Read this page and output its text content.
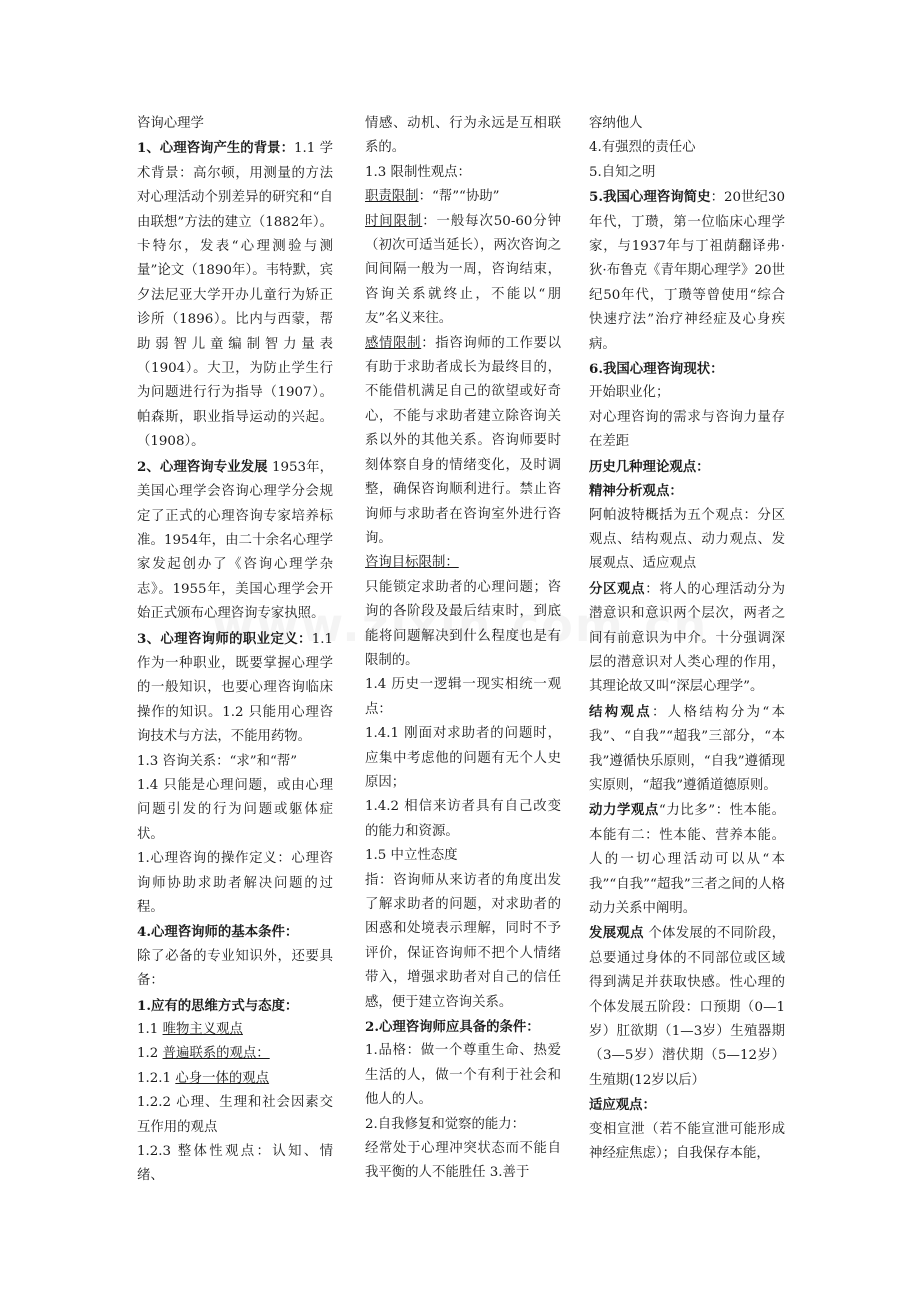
咨询心理学

1、心理咨询产生的背景：1.1 学术背景：高尔顿，用测量的方法对心理活动个别差异的研究和“自由联想”方法的建立（1882年）。卡特尔，发表“心理测验与测量”论文（1890年）。韦特默，宾夕法尼亚大学开办儿童行为矫正诊所（1896）。比内与西蒙，帮助弱智儿童编制智力量表（1904）。大卫，为防止学生行为问题进行行为指导（1907）。帕森斯，职业指导运动的兴起。（1908）。

2、心理咨询专业发展 1953年，美国心理学会咨询心理学分会规定了正式的心理咨询专家培养标准。1954年，由二十余名心理学家发起创办了《咨询心理学杂志》。1955年，美国心理学会开始正式颁布心理咨询专家执照。

3、心理咨询师的职业定义：1.1作为一种职业，既要掌握心理学的一般知识，也要心理咨询临床操作的知识。1.2 只能用心理咨询技术与方法，不能用药物。

1.3 咨询关系：“求”和“帮”

1.4 只能是心理问题，或由心理问题引发的行为问题或躯体症状。

1.心理咨询的操作定义：心理咨询师协助求助者解决问题的过程。

4.心理咨询师的基本条件：

除了必备的专业知识外，还要具备：

1.应有的思维方式与态度：

1.1 唯物主义观点

1.2 普遍联系的观点：

1.2.1 心身一体的观点

1.2.2 心理、生理和社会因素交互作用的观点

1.2.3 整体性观点：认知、情绪、

情感、动机、行为永远是互相联系的。

1.3 限制性观点：

职责限制：“帮”“协助”

时间限制：一般每次50-60分钟（初次可适当延长），两次咨询之间间隔一般为一周，咨询结束，咨询关系就终止，不能以“朋友”名义来往。

感情限制：指咨询师的工作要以有助于求助者成长为最终目的，不能借机满足自己的欲望或好奇心，不能与求助者建立除咨询关系以外的其他关系。咨询师要时刻体察自身的情绪变化，及时调整，确保咨询顺利进行。禁止咨询师与求助者在咨询室外进行咨询。

咨询目标限制：

只能锁定求助者的心理问题；咨询的各阶段及最后结束时，到底能将问题解决到什么程度也是有限制的。

1.4 历史一逻辑一现实相统一观点：

1.4.1 刚面对求助者的问题时，应集中考虑他的问题有无个人史原因；

1.4.2 相信来访者具有自己改变的能力和资源。

1.5 中立性态度

指：咨询师从来访者的角度出发了解求助者的问题，对求助者的困惑和处境表示理解，同时不予评价，保证咨询师不把个人情绪带入，增强求助者对自己的信任感，便于建立咨询关系。

2.心理咨询师应具备的条件：

1.品格：做一个尊重生命、热爱生活的人，做一个有利于社会和他人的人。

2.自我修复和觉察的能力：

经常处于心理冲突状态而不能自我平衡的人不能胜任 3.善于

容纳他人

4.有强烈的责任心

5.自知之明

5.我国心理咨询简史：20世纪30年代，丁瓒，第一位临床心理学家，与1937年与丁祖荫翻译弗·狄·布鲁克《青年期心理学》20世纪50年代，丁瓒等曾使用“综合快速疗法”治疗神经症及心身疾病。

6.我国心理咨询现状：

开始职业化；

对心理咨询的需求与咨询力量存在差距

历史几种理论观点：

精神分析观点：

阿帕波特概括为五个观点：分区观点、结构观点、动力观点、发展观点、适应观点

分区观点：将人的心理活动分为潜意识和意识两个层次，两者之间有前意识为中介。十分强调深层的潜意识对人类心理的作用，其理论故又叫“深层心理学”。

结构观点：人格结构分为“本我”、“自我”“超我”三部分，“本我”遵循快乐原则，“自我”遵循现实原则，“超我”遵循道德原则。

动力学观点“力比多”：性本能。本能有二：性本能、营养本能。人的一切心理活动可以从“本我”“自我”“超我”三者之间的人格动力关系中阐明。

发展观点 个体发展的不同阶段，总要通过身体的不同部位或区域得到满足并获取快感。性心理的个体发展五阶段：口预期（0—1岁）肛欲期（1—3岁）生殖器期（3—5岁）潜伏期（5—12岁）生殖期(12岁以后）

适应观点：

变相宣泄（若不能宣泄可能形成神经症焦虑）；自我保存本能，
